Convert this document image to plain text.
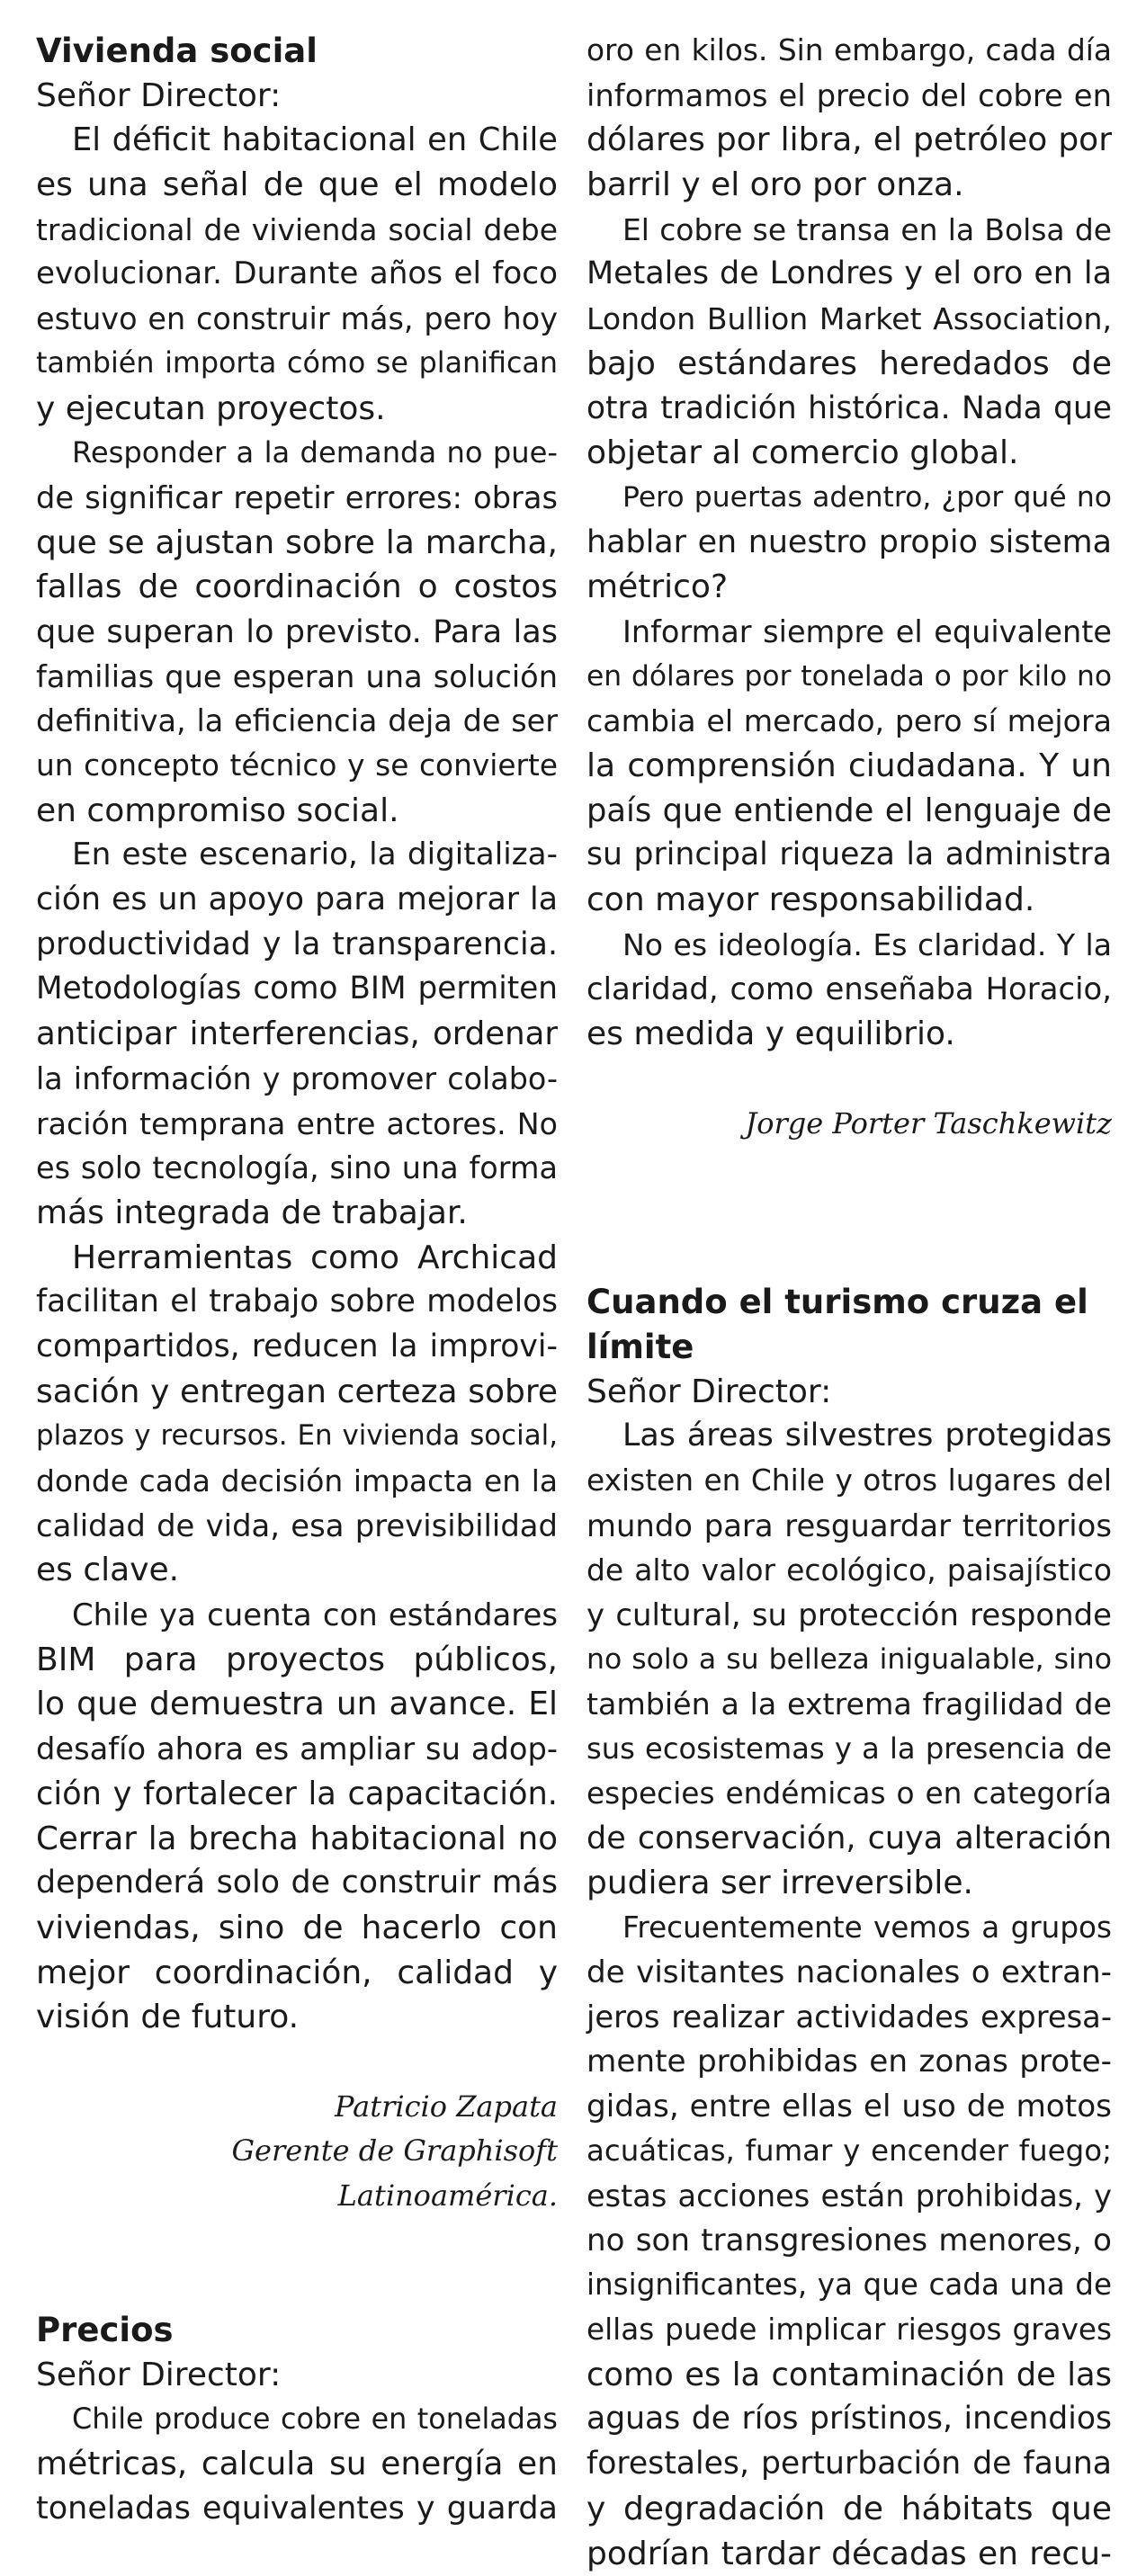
Vivienda social
Señor Director:
El déficit habitacional en Chile
es una señal de que el modelo
tradicional de vivienda social debe
evolucionar. Durante años el foco
estuvo en construir más, pero hoy
también importa cómo se planifican
y ejecutan proyectos.
Responder a la demanda no pue-
de significar repetir errores: obras
que se ajustan sobre la marcha,
fallas de coordinación o costos
que superan lo previsto. Para las
familias que esperan una solución
definitiva, la eficiencia deja de ser
un concepto técnico y se convierte
en compromiso social.
En este escenario, la digitaliza-
ción es un apoyo para mejorar la
productividad y la transparencia.
Metodologías como BIM permiten
anticipar interferencias, ordenar
la información y promover colabo-
ración temprana entre actores. No
es solo tecnología, sino una forma
más integrada de trabajar.
Herramientas como Archicad
facilitan el trabajo sobre modelos
compartidos, reducen la improvi-
sación y entregan certeza sobre
plazos y recursos. En vivienda social,
donde cada decisión impacta en la
calidad de vida, esa previsibilidad
es clave.
Chile ya cuenta con estándares
BIM para proyectos públicos,
lo que demuestra un avance. El
desafío ahora es ampliar su adop-
ción y fortalecer la capacitación.
Cerrar la brecha habitacional no
dependerá solo de construir más
viviendas, sino de hacerlo con
mejor coordinación, calidad y
visión de futuro.
Patricio Zapata
Gerente de Graphisoft
Latinoamérica.
Precios
Señor Director:
Chile produce cobre en toneladas
métricas, calcula su energía en
toneladas equivalentes y guarda
oro en kilos. Sin embargo, cada día
informamos el precio del cobre en
dólares por libra, el petróleo por
barril y el oro por onza.
El cobre se transa en la Bolsa de
Metales de Londres y el oro en la
London Bullion Market Association,
bajo estándares heredados de
otra tradición histórica. Nada que
objetar al comercio global.
Pero puertas adentro, ¿por qué no
hablar en nuestro propio sistema
métrico?
Informar siempre el equivalente
en dólares por tonelada o por kilo no
cambia el mercado, pero sí mejora
la comprensión ciudadana. Y un
país que entiende el lenguaje de
su principal riqueza la administra
con mayor responsabilidad.
No es ideología. Es claridad. Y la
claridad, como enseñaba Horacio,
es medida y equilibrio.
Jorge Porter Taschkewitz
Cuando el turismo cruza el
límite
Señor Director:
Las áreas silvestres protegidas
existen en Chile y otros lugares del
mundo para resguardar territorios
de alto valor ecológico, paisajístico
y cultural, su protección responde
no solo a su belleza inigualable, sino
también a la extrema fragilidad de
sus ecosistemas y a la presencia de
especies endémicas o en categoría
de conservación, cuya alteración
pudiera ser irreversible.
Frecuentemente vemos a grupos
de visitantes nacionales o extran-
jeros realizar actividades expresa-
mente prohibidas en zonas prote-
gidas, entre ellas el uso de motos
acuáticas, fumar y encender fuego;
estas acciones están prohibidas, y
no son transgresiones menores, o
insignificantes, ya que cada una de
ellas puede implicar riesgos graves
como es la contaminación de las
aguas de ríos prístinos, incendios
forestales, perturbación de fauna
y degradación de hábitats que
podrían tardar décadas en recu-
